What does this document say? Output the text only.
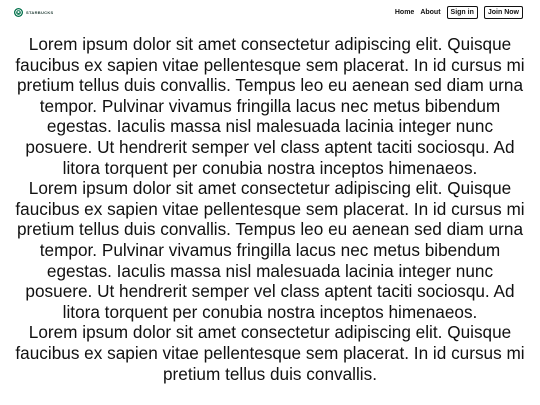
STARBUCKS	Home About	Sign in	Join Now

Lorem ipsum dolor sit amet consectetur adipiscing elit. Quisque faucibus ex sapien vitae pellentesque sem placerat. In id cursus mi pretium tellus duis convallis. Tempus leo eu aenean sed diam urna tempor. Pulvinar vivamus fringilla lacus nec metus bibendum egestas. Iaculis massa nisl malesuada lacinia integer nunc posuere. Ut hendrerit semper vel class aptent taciti sociosqu. Ad litora torquent per conubia nostra inceptos himenaeos.

Lorem ipsum dolor sit amet consectetur adipiscing elit. Quisque faucibus ex sapien vitae pellentesque sem placerat. In id cursus mi pretium tellus duis convallis. Tempus leo eu aenean sed diam urna tempor. Pulvinar vivamus fringilla lacus nec metus bibendum egestas. Iaculis massa nisl malesuada lacinia integer nunc posuere. Ut hendrerit semper vel class aptent taciti sociosqu. Ad litora torquent per conubia nostra inceptos himenaeos.

Lorem ipsum dolor sit amet consectetur adipiscing elit. Quisque faucibus ex sapien vitae pellentesque sem placerat. In id cursus mi pretium tellus duis convallis.
